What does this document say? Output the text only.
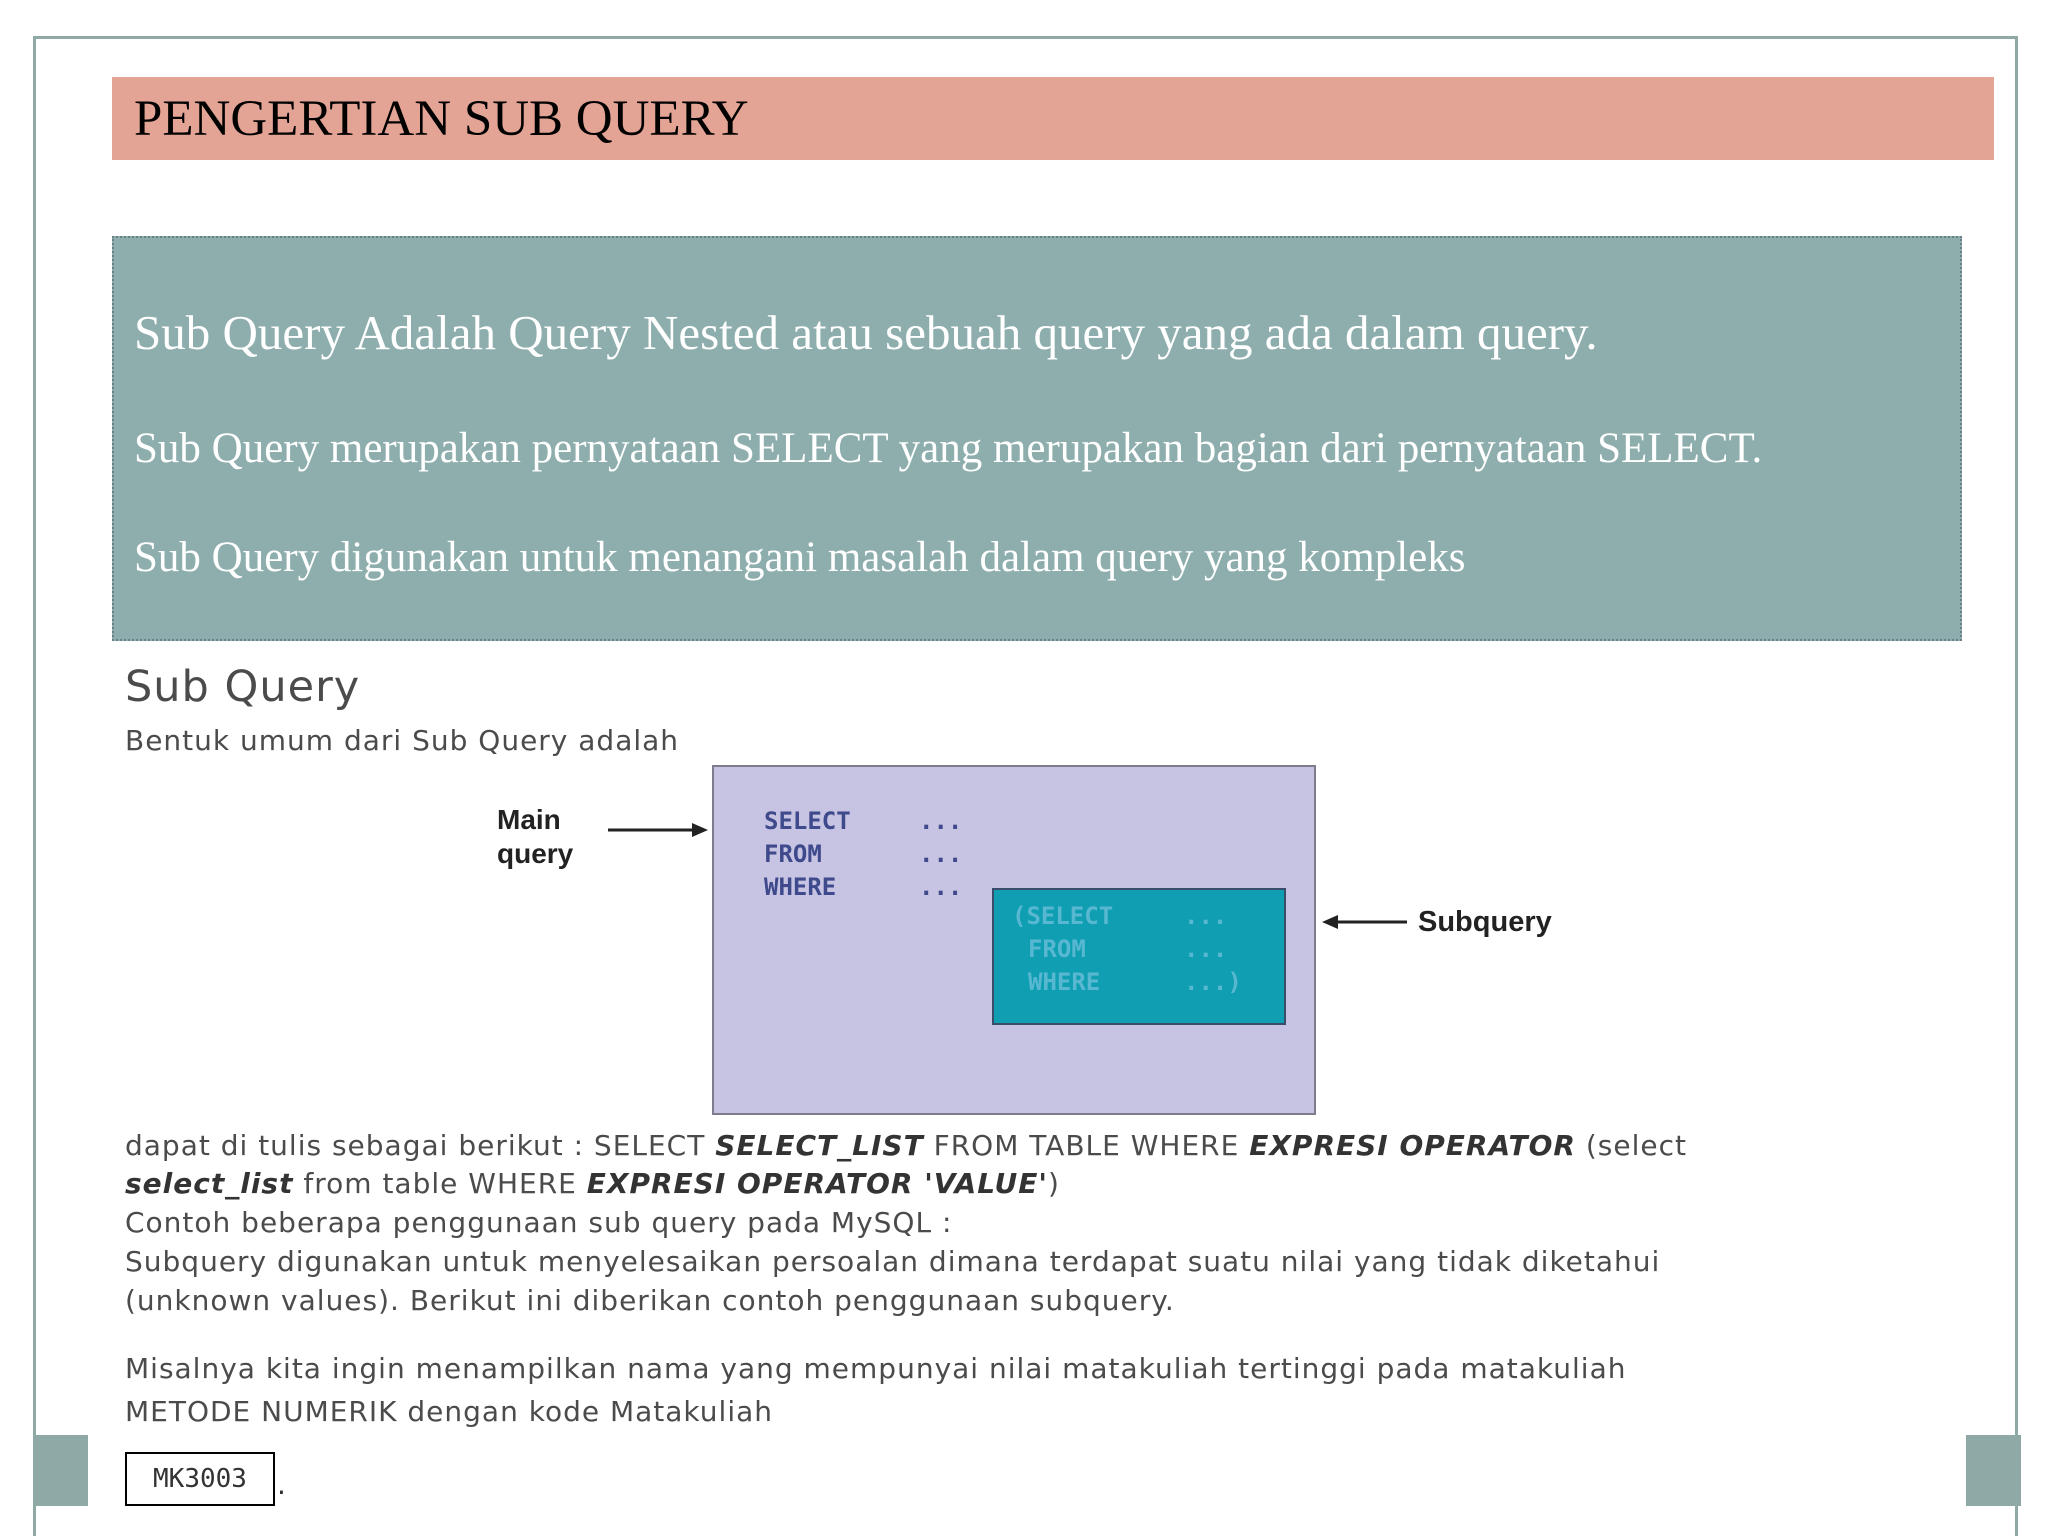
PENGERTIAN SUB QUERY
Sub Query Adalah Query Nested atau sebuah query yang ada dalam query.
Sub Query merupakan pernyataan SELECT yang merupakan bagian dari pernyataan SELECT.
Sub Query digunakan untuk menangani masalah dalam query yang kompleks
Sub Query
Bentuk umum dari Sub Query adalah
Main
query
SELECT
FROM
WHERE
...
...
...
(SELECT
FROM
WHERE
...
...
...)
Subquery
dapat di tulis sebagai berikut : SELECT SELECT_LIST FROM TABLE WHERE EXPRESI OPERATOR (select
select_list from table WHERE EXPRESI OPERATOR 'VALUE')
Contoh beberapa penggunaan sub query pada MySQL :
Subquery digunakan untuk menyelesaikan persoalan dimana terdapat suatu nilai yang tidak diketahui
(unknown values). Berikut ini diberikan contoh penggunaan subquery.
Misalnya kita ingin menampilkan nama yang mempunyai nilai matakuliah tertinggi pada matakuliah
METODE NUMERIK dengan kode Matakuliah
MK3003	.
